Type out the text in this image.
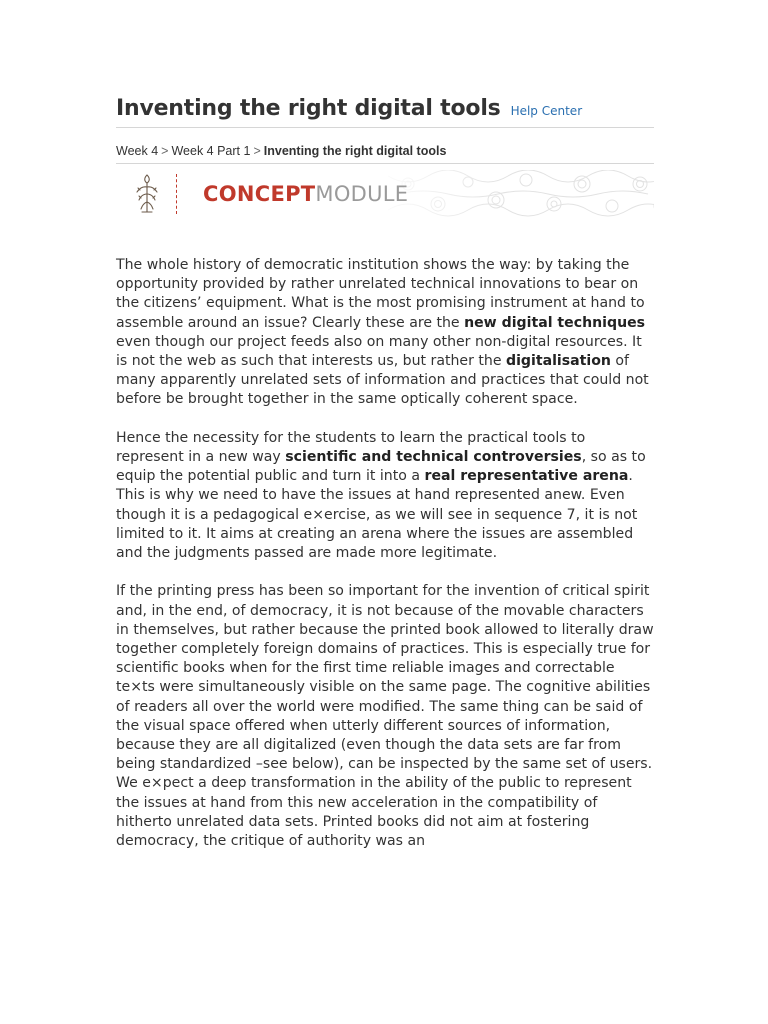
Inventing the right digital tools Help Center
Week 4 > Week 4 Part 1 > Inventing the right digital tools
CONCEPTMODULE

The whole history of democratic institution shows the way: by taking the opportunity provided by rather unrelated technical innovations to bear on the citizens’ equipment. What is the most promising instrument at hand to assemble around an issue? Clearly these are the new digital techniques even though our project feeds also on many other non-digital resources. It is not the web as such that interests us, but rather the digitalisation of many apparently unrelated sets of information and practices that could not before be brought together in the same optically coherent space.

Hence the necessity for the students to learn the practical tools to represent in a new way scientific and technical controversies, so as to equip the potential public and turn it into a real representative arena. This is why we need to have the issues at hand represented anew. Even though it is a pedagogical e×ercise, as we will see in sequence 7, it is not limited to it. It aims at creating an arena where the issues are assembled and the judgments passed are made more legitimate.

If the printing press has been so important for the invention of critical spirit and, in the end, of democracy, it is not because of the movable characters in themselves, but rather because the printed book allowed to literally draw together completely foreign domains of practices. This is especially true for scientific books when for the first time reliable images and correctable te×ts were simultaneously visible on the same page. The cognitive abilities of readers all over the world were modified. The same thing can be said of the visual space offered when utterly different sources of information, because they are all digitalized (even though the data sets are far from being standardized –see below), can be inspected by the same set of users. We e×pect a deep transformation in the ability of the public to represent the issues at hand from this new acceleration in the compatibility of hitherto unrelated data sets. Printed books did not aim at fostering democracy, the critique of authority was an
